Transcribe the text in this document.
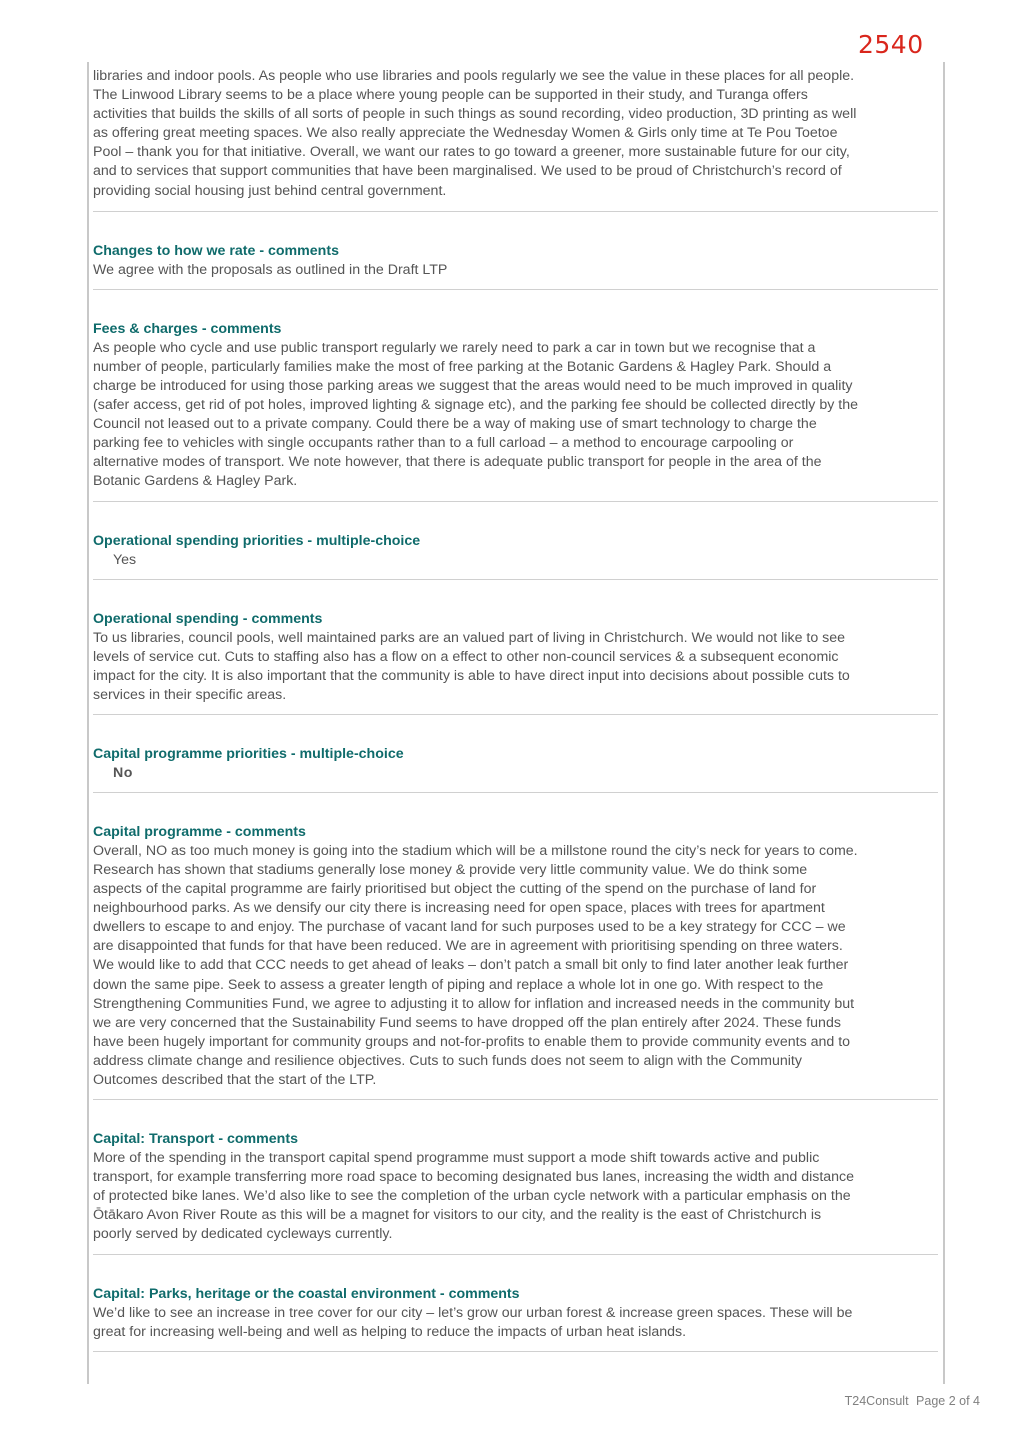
2540

libraries and indoor pools. As people who use libraries and pools regularly we see the value in these places for all people. The Linwood Library seems to be a place where young people can be supported in their study, and Turanga offers activities that builds the skills of all sorts of people in such things as sound recording, video production, 3D printing as well as offering great meeting spaces. We also really appreciate the Wednesday Women & Girls only time at Te Pou Toetoe Pool – thank you for that initiative. Overall, we want our rates to go toward a greener, more sustainable future for our city, and to services that support communities that have been marginalised. We used to be proud of Christchurch’s record of providing social housing just behind central government.

Changes to how we rate - comments

We agree with the proposals as outlined in the Draft LTP

Fees & charges - comments

As people who cycle and use public transport regularly we rarely need to park a car in town but we recognise that a number of people, particularly families make the most of free parking at the Botanic Gardens & Hagley Park. Should a charge be introduced for using those parking areas we suggest that the areas would need to be much improved in quality (safer access, get rid of pot holes, improved lighting & signage etc), and the parking fee should be collected directly by the Council not leased out to a private company. Could there be a way of making use of smart technology to charge the parking fee to vehicles with single occupants rather than to a full carload – a method to encourage carpooling or alternative modes of transport. We note however, that there is adequate public transport for people in the area of the Botanic Gardens & Hagley Park.

Operational spending priorities - multiple-choice

Yes

Operational spending - comments

To us libraries, council pools, well maintained parks are an valued part of living in Christchurch. We would not like to see levels of service cut. Cuts to staffing also has a flow on a effect to other non-council services & a subsequent economic impact for the city. It is also important that the community is able to have direct input into decisions about possible cuts to services in their specific areas.

Capital programme priorities - multiple-choice

No

Capital programme - comments

Overall, NO as too much money is going into the stadium which will be a millstone round the city’s neck for years to come. Research has shown that stadiums generally lose money & provide very little community value. We do think some aspects of the capital programme are fairly prioritised but object the cutting of the spend on the purchase of land for neighbourhood parks. As we densify our city there is increasing need for open space, places with trees for apartment dwellers to escape to and enjoy. The purchase of vacant land for such purposes used to be a key strategy for CCC – we are disappointed that funds for that have been reduced. We are in agreement with prioritising spending on three waters. We would like to add that CCC needs to get ahead of leaks – don’t patch a small bit only to find later another leak further down the same pipe. Seek to assess a greater length of piping and replace a whole lot in one go. With respect to the Strengthening Communities Fund, we agree to adjusting it to allow for inflation and increased needs in the community but we are very concerned that the Sustainability Fund seems to have dropped off the plan entirely after 2024. These funds have been hugely important for community groups and not-for-profits to enable them to provide community events and to address climate change and resilience objectives. Cuts to such funds does not seem to align with the Community Outcomes described that the start of the LTP.

Capital: Transport - comments

More of the spending in the transport capital spend programme must support a mode shift towards active and public transport, for example transferring more road space to becoming designated bus lanes, increasing the width and distance of protected bike lanes. We’d also like to see the completion of the urban cycle network with a particular emphasis on the Ōtākaro Avon River Route as this will be a magnet for visitors to our city, and the reality is the east of Christchurch is poorly served by dedicated cycleways currently.

Capital: Parks, heritage or the coastal environment - comments

We’d like to see an increase in tree cover for our city – let’s grow our urban forest & increase green spaces. These will be great for increasing well-being and well as helping to reduce the impacts of urban heat islands.

T24Consult Page 2 of 4
